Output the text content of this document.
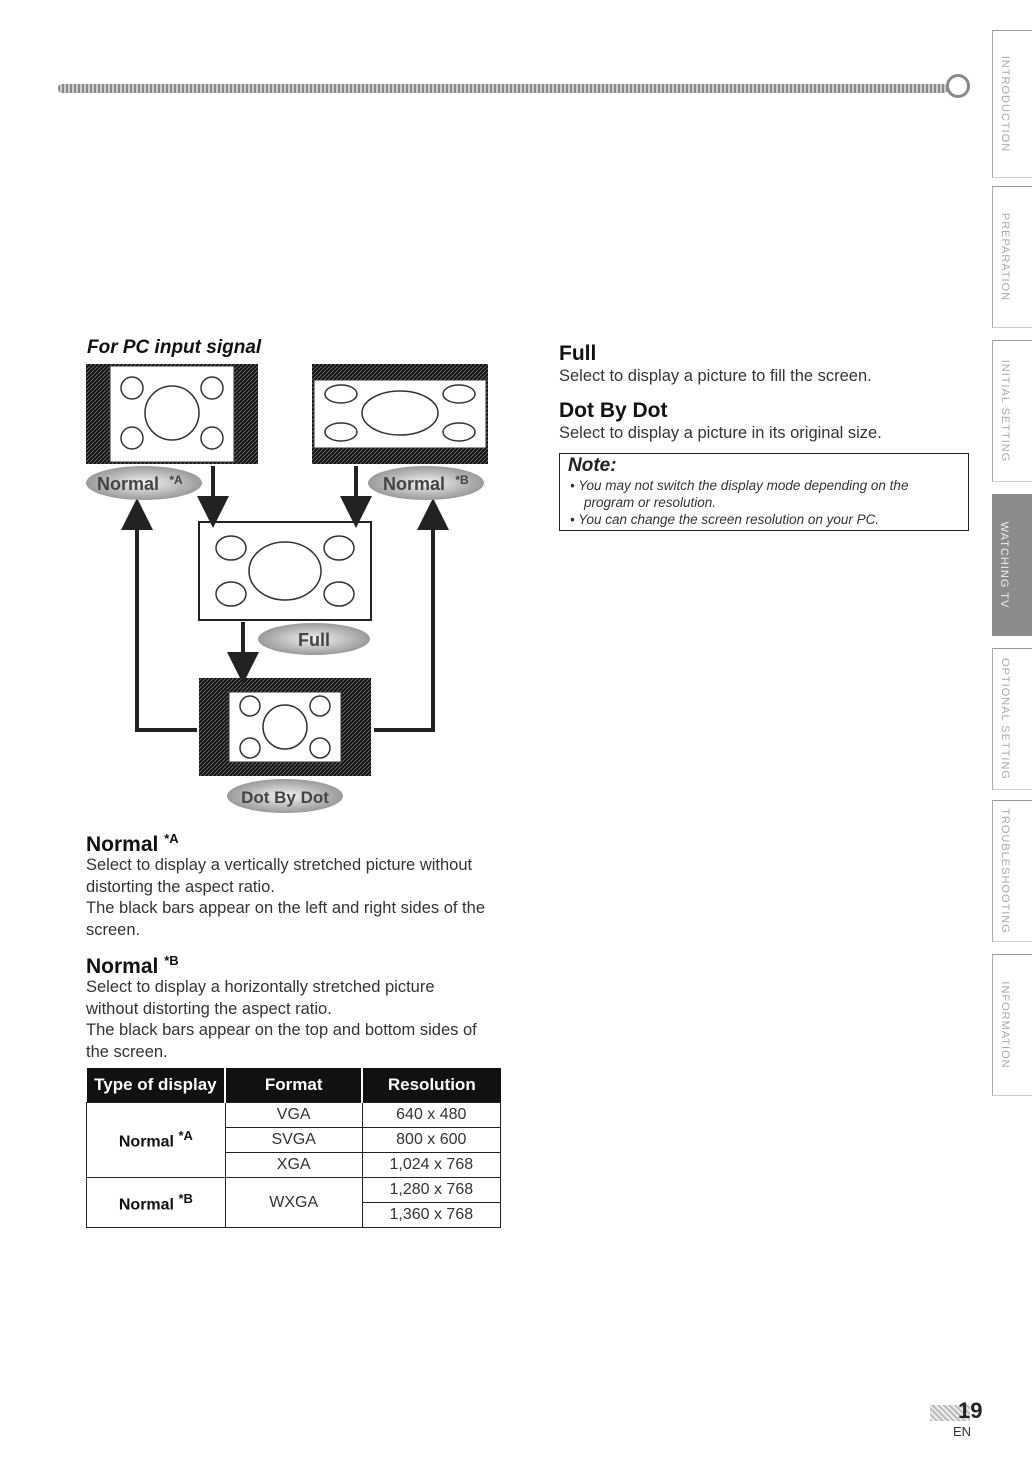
For PC input signal
Normal *A	Normal *B
Full
Dot By Dot
Normal $^{*A}$
Select to display a vertically stretched picture without
distorting the aspect ratio.
The black bars appear on the left and right sides of the
screen.
Normal $^{*B}$
Select to display a horizontally stretched picture
without distorting the aspect ratio.
The black bars appear on the top and bottom sides of
the screen.
Type of display	Format	Resolution
Normal $^{*A}$	VGA	640 x 480
	SVGA	800 x 600
	XGA	1,024 x 768
Normal $^{*B}$	WXGA	1,280 x 768
		1,360 x 768
Full
Select to display a picture to fill the screen.
Dot By Dot
Select to display a picture in its original size.
Note:
• You may not switch the display mode depending on the
program or resolution.
• You can change the screen resolution on your PC.
INTRODUCTION
PREPARATION
INITIAL SETTING
WATCHING TV
OPTIONAL SETTING
TROUBLESHOOTING
INFORMATION
19
EN
